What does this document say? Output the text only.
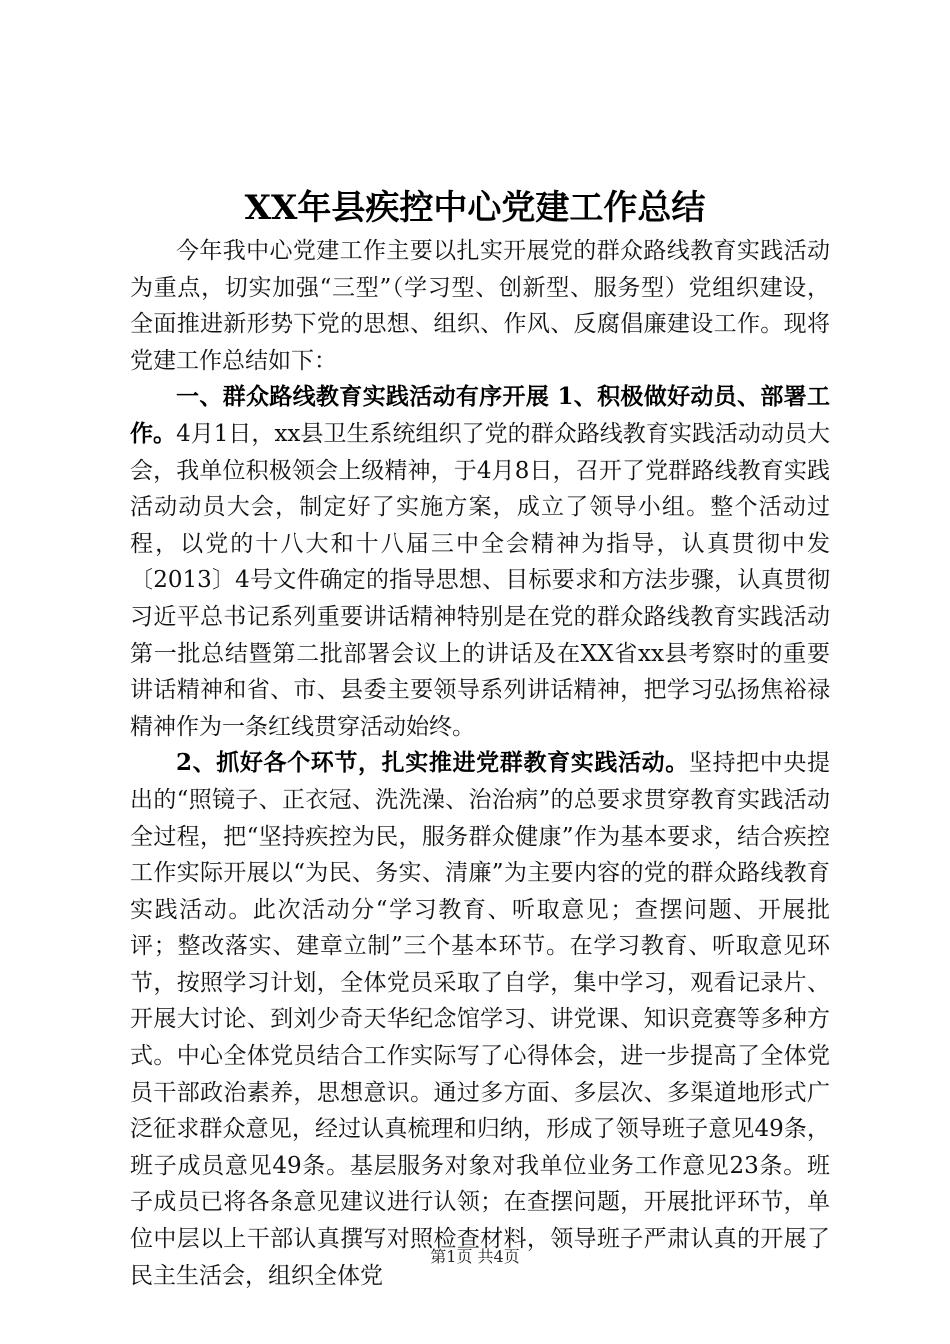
XX年县疾控中心党建工作总结

今年我中心党建工作主要以扎实开展党的群众路线教育实践活动为重点，切实加强“三型”（学习型、创新型、服务型）党组织建设，全面推进新形势下党的思想、组织、作风、反腐倡廉建设工作。现将党建工作总结如下：

一、群众路线教育实践活动有序开展 1、积极做好动员、部署工作。4月1日，xx县卫生系统组织了党的群众路线教育实践活动动员大会，我单位积极领会上级精神，于4月8日，召开了党群路线教育实践活动动员大会，制定好了实施方案，成立了领导小组。整个活动过程，以党的十八大和十八届三中全会精神为指导，认真贯彻中发〔2013〕4号文件确定的指导思想、目标要求和方法步骤，认真贯彻习近平总书记系列重要讲话精神特别是在党的群众路线教育实践活动第一批总结暨第二批部署会议上的讲话及在XX省xx县考察时的重要讲话精神和省、市、县委主要领导系列讲话精神，把学习弘扬焦裕禄精神作为一条红线贯穿活动始终。

2、抓好各个环节，扎实推进党群教育实践活动。坚持把中央提出的“照镜子、正衣冠、洗洗澡、治治病”的总要求贯穿教育实践活动全过程，把“坚持疾控为民，服务群众健康”作为基本要求，结合疾控工作实际开展以“为民、务实、清廉”为主要内容的党的群众路线教育实践活动。此次活动分“学习教育、听取意见；查摆问题、开展批评；整改落实、建章立制”三个基本环节。在学习教育、听取意见环节，按照学习计划，全体党员采取了自学，集中学习，观看记录片、开展大讨论、到刘少奇天华纪念馆学习、讲党课、知识竞赛等多种方式。中心全体党员结合工作实际写了心得体会，进一步提高了全体党员干部政治素养，思想意识。通过多方面、多层次、多渠道地形式广泛征求群众意见，经过认真梳理和归纳，形成了领导班子意见49条，班子成员意见49条。基层服务对象对我单位业务工作意见23条。班子成员已将各条意见建议进行认领；在查摆问题，开展批评环节，单位中层以上干部认真撰写对照检查材料，领导班子严肃认真的开展了民主生活会，组织全体党

第1页 共4页
